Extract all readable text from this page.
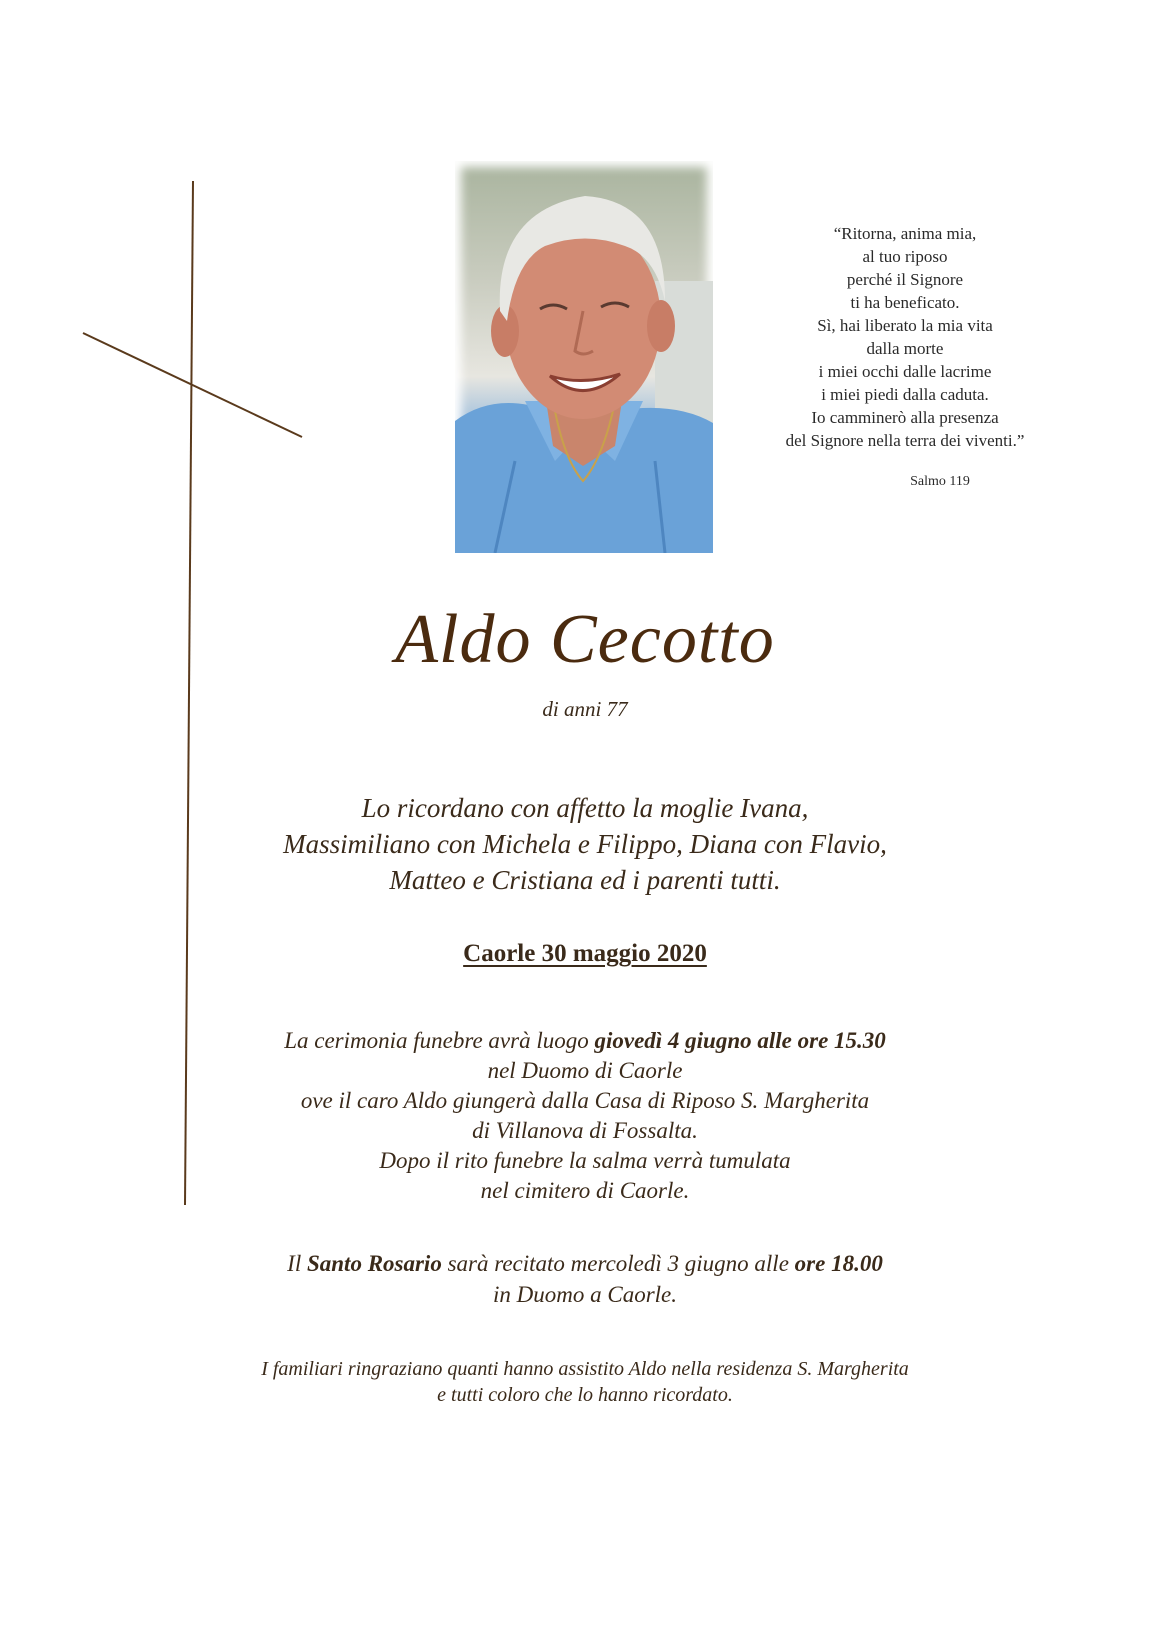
“Ritorna, anima mia,
al tuo riposo
perché il Signore
ti ha beneficato.
Sì, hai liberato la mia vita
dalla morte
i miei occhi dalle lacrime
i miei piedi dalla caduta.
Io camminerò alla presenza
del Signore nella terra dei viventi.”
Salmo 119
Aldo Cecotto
di anni 77
Lo ricordano con affetto la moglie Ivana,
Massimiliano con Michela e Filippo, Diana con Flavio,
Matteo e Cristiana ed i parenti tutti.
Caorle 30 maggio 2020
La cerimonia funebre avrà luogo giovedì 4 giugno alle ore 15.30
nel Duomo di Caorle
ove il caro Aldo giungerà dalla Casa di Riposo S. Margherita
di Villanova di Fossalta.
Dopo il rito funebre la salma verrà tumulata
nel cimitero di Caorle.
Il Santo Rosario sarà recitato mercoledì 3 giugno alle ore 18.00
in Duomo a Caorle.
I familiari ringraziano quanti hanno assistito Aldo nella residenza S. Margherita
e tutti coloro che lo hanno ricordato.
